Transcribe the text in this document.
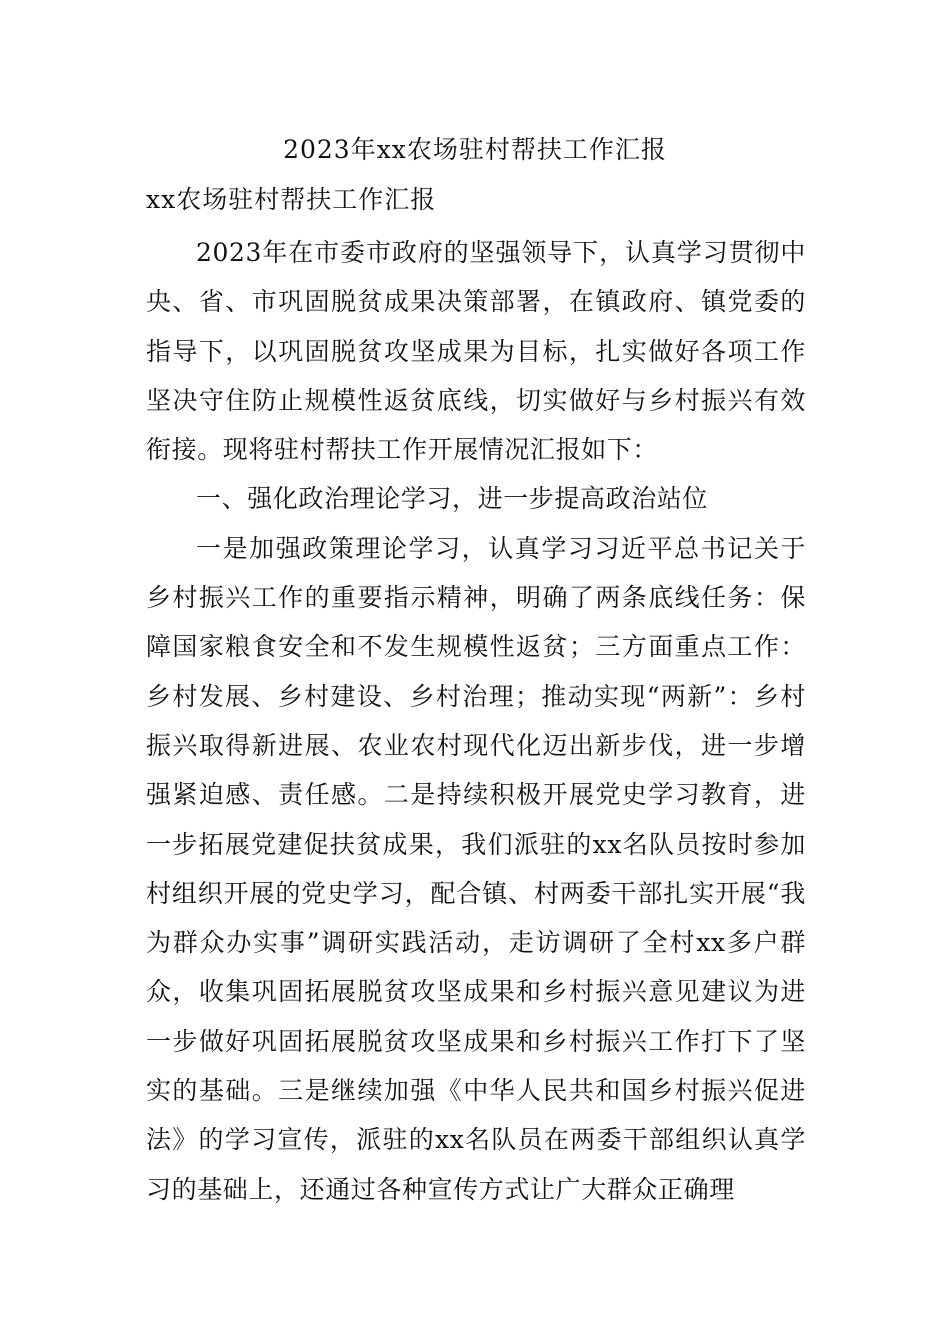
2023年xx农场驻村帮扶工作汇报
xx农场驻村帮扶工作汇报

2023年在市委市政府的坚强领导下，认真学习贯彻中央、省、市巩固脱贫成果决策部署，在镇政府、镇党委的指导下，以巩固脱贫攻坚成果为目标，扎实做好各项工作坚决守住防止规模性返贫底线，切实做好与乡村振兴有效衔接。现将驻村帮扶工作开展情况汇报如下：

一、强化政治理论学习，进一步提高政治站位

一是加强政策理论学习，认真学习习近平总书记关于乡村振兴工作的重要指示精神，明确了两条底线任务：保障国家粮食安全和不发生规模性返贫；三方面重点工作：乡村发展、乡村建设、乡村治理；推动实现“两新”：乡村振兴取得新进展、农业农村现代化迈出新步伐，进一步增强紧迫感、责任感。二是持续积极开展党史学习教育，进一步拓展党建促扶贫成果，我们派驻的xx名队员按时参加村组织开展的党史学习，配合镇、村两委干部扎实开展“我为群众办实事”调研实践活动，走访调研了全村xx多户群众，收集巩固拓展脱贫攻坚成果和乡村振兴意见建议为进一步做好巩固拓展脱贫攻坚成果和乡村振兴工作打下了坚实的基础。三是继续加强《中华人民共和国乡村振兴促进法》的学习宣传，派驻的xx名队员在两委干部组织认真学习的基础上，还通过各种宣传方式让广大群众正确理
